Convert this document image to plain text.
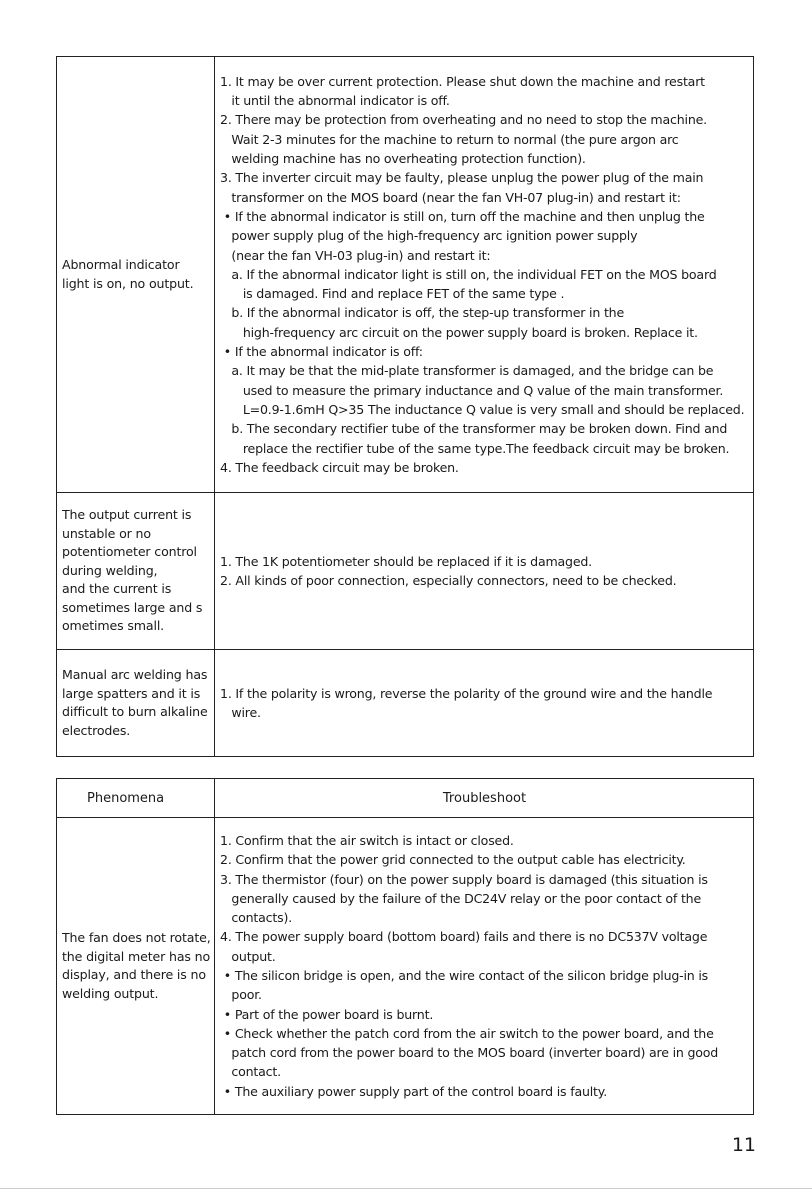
Abnormal indicator
light is on, no output.
1. It may be over current protection. Please shut down the machine and restart
it until the abnormal indicator is off.
2. There may be protection from overheating and no need to stop the machine.
Wait 2-3 minutes for the machine to return to normal (the pure argon arc
welding machine has no overheating protection function).
3. The inverter circuit may be faulty, please unplug the power plug of the main
transformer on the MOS board (near the fan VH-07 plug-in) and restart it:
• If the abnormal indicator is still on, turn off the machine and then unplug the
power supply plug of the high-frequency arc ignition power supply
(near the fan VH-03 plug-in) and restart it:
a. If the abnormal indicator light is still on, the individual FET on the MOS board
is damaged. Find and replace FET of the same type .
b. If the abnormal indicator is off, the step-up transformer in the
high-frequency arc circuit on the power supply board is broken. Replace it.
• If the abnormal indicator is off:
a. It may be that the mid-plate transformer is damaged, and the bridge can be
used to measure the primary inductance and Q value of the main transformer.
L=0.9-1.6mH Q>35 The inductance Q value is very small and should be replaced.
b. The secondary rectifier tube of the transformer may be broken down. Find and
replace the rectifier tube of the same type.The feedback circuit may be broken.
4. The feedback circuit may be broken.
The output current is
unstable or no
potentiometer control
during welding,
and the current is
sometimes large and s
ometimes small.
1. The 1K potentiometer should be replaced if it is damaged.
2. All kinds of poor connection, especially connectors, need to be checked.
Manual arc welding has
large spatters and it is
difficult to burn alkaline
electrodes.
1. If the polarity is wrong, reverse the polarity of the ground wire and the handle
wire.
Phenomena	Troubleshoot
The fan does not rotate,
the digital meter has no
display, and there is no
welding output.
1. Confirm that the air switch is intact or closed.
2. Confirm that the power grid connected to the output cable has electricity.
3. The thermistor (four) on the power supply board is damaged (this situation is
generally caused by the failure of the DC24V relay or the poor contact of the
contacts).
4. The power supply board (bottom board) fails and there is no DC537V voltage
output.
• The silicon bridge is open, and the wire contact of the silicon bridge plug-in is
poor.
• Part of the power board is burnt.
• Check whether the patch cord from the air switch to the power board, and the
patch cord from the power board to the MOS board (inverter board) are in good
contact.
• The auxiliary power supply part of the control board is faulty.
11
